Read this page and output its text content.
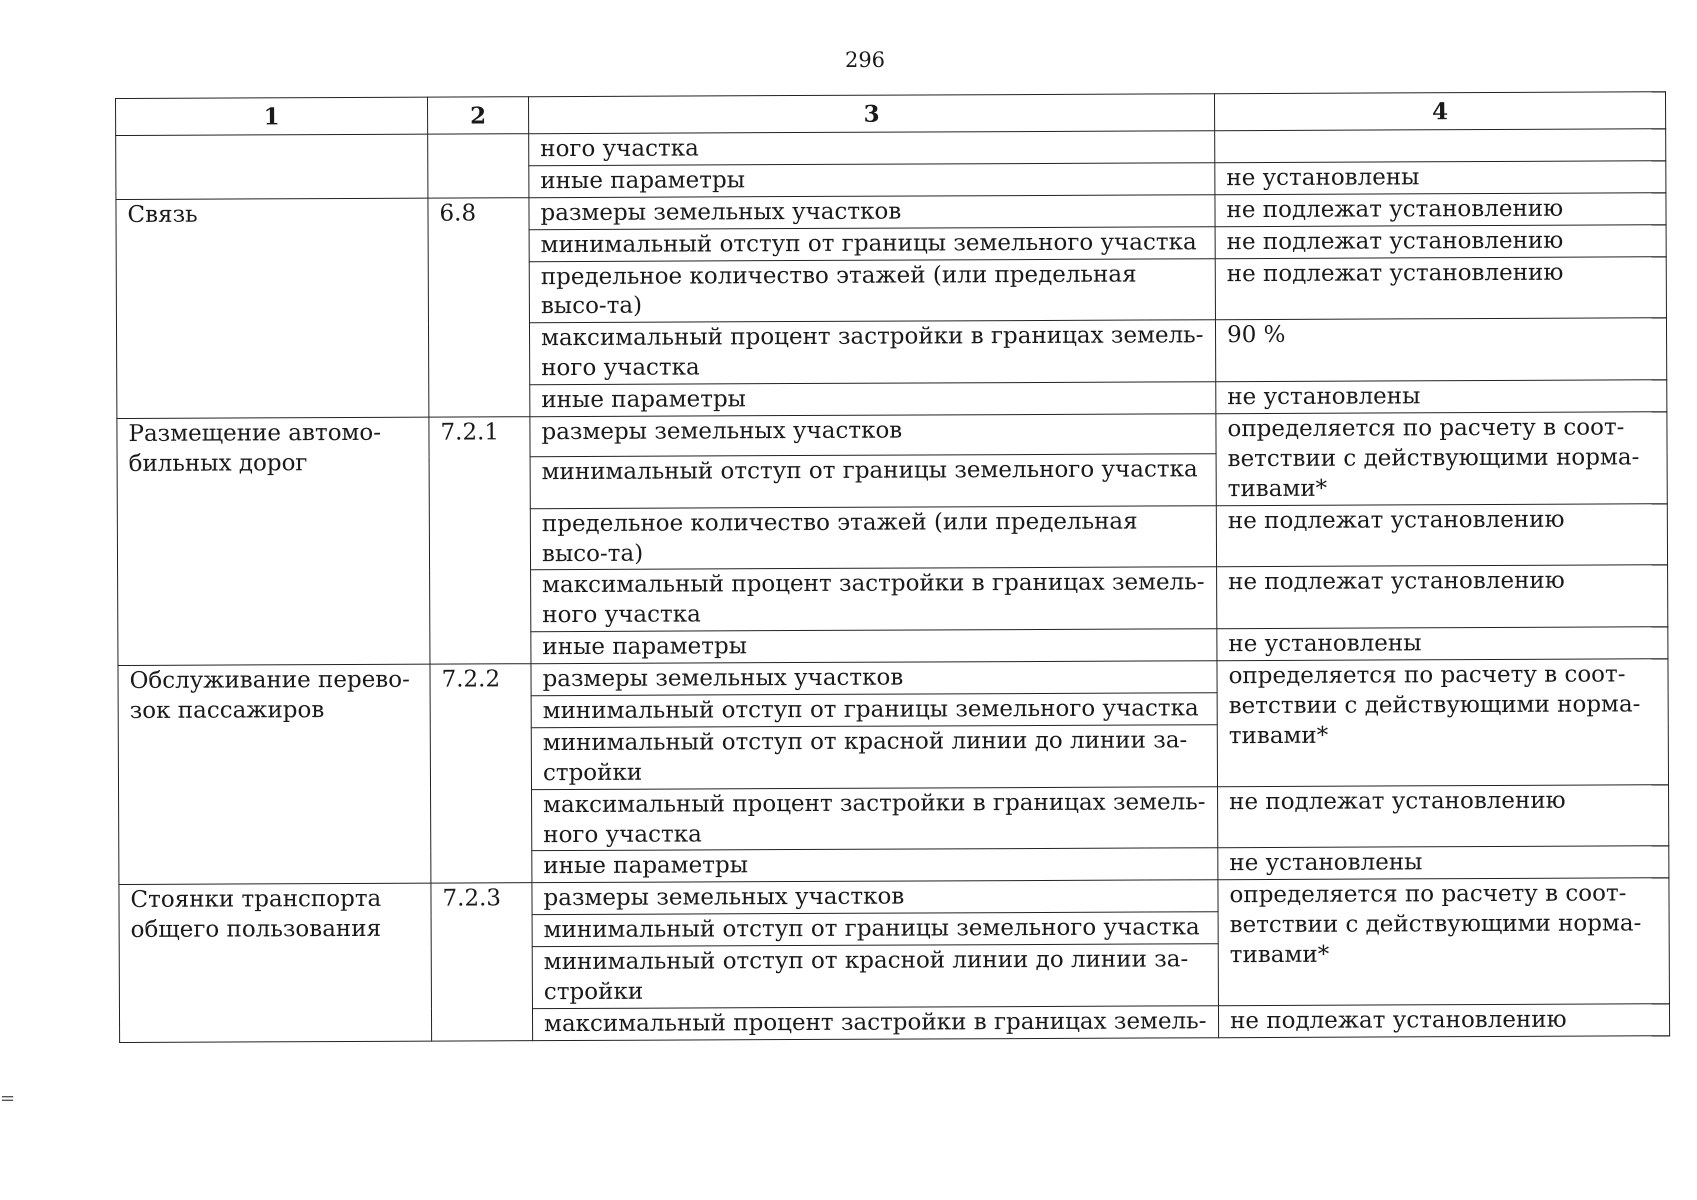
296
1	2	3	4
		ного участка	
		иные параметры	не установлены
Связь	6.8	размеры земельных участков	не подлежат установлению
		минимальный отступ от границы земельного участка	не подлежат установлению
		предельное количество этажей (или предельная высо-та)	не подлежат установлению
		максимальный процент застройки в границах земель-ного участка	90 %
		иные параметры	не установлены
Размещение автомо-бильных дорог	7.2.1	размеры земельных участков	определяется по расчету в соот-ветствии с действующими норма-тивами*
		минимальный отступ от границы земельного участка	
		предельное количество этажей (или предельная высо-та)	не подлежат установлению
		максимальный процент застройки в границах земель-ного участка	не подлежат установлению
		иные параметры	не установлены
Обслуживание перево-зок пассажиров	7.2.2	размеры земельных участков	определяется по расчету в соот-ветствии с действующими норма-тивами*
		минимальный отступ от границы земельного участка	
		минимальный отступ от красной линии до линии за-стройки	
		максимальный процент застройки в границах земель-ного участка	не подлежат установлению
		иные параметры	не установлены
Стоянки транспорта общего пользования	7.2.3	размеры земельных участков	определяется по расчету в соот-ветствии с действующими норма-тивами*
		минимальный отступ от границы земельного участка	
		минимальный отступ от красной линии до линии за-стройки	
		максимальный процент застройки в границах земель-	не подлежат установлению
=
